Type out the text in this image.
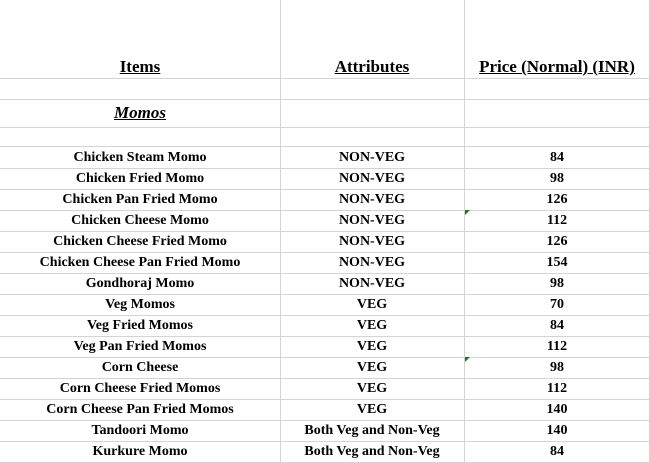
Items	Attributes	Price (Normal) (INR)
Momos
Chicken Steam Momo	NON-VEG	84
Chicken Fried Momo	NON-VEG	98
Chicken Pan Fried Momo	NON-VEG	126
Chicken Cheese Momo	NON-VEG	112
Chicken Cheese Fried Momo	NON-VEG	126
Chicken Cheese Pan Fried Momo	NON-VEG	154
Gondhoraj Momo	NON-VEG	98
Veg Momos	VEG	70
Veg Fried Momos	VEG	84
Veg Pan Fried Momos	VEG	112
Corn Cheese	VEG	98
Corn Cheese Fried Momos	VEG	112
Corn Cheese Pan Fried Momos	VEG	140
Tandoori Momo	Both Veg and Non-Veg	140
Kurkure Momo	Both Veg and Non-Veg	84
